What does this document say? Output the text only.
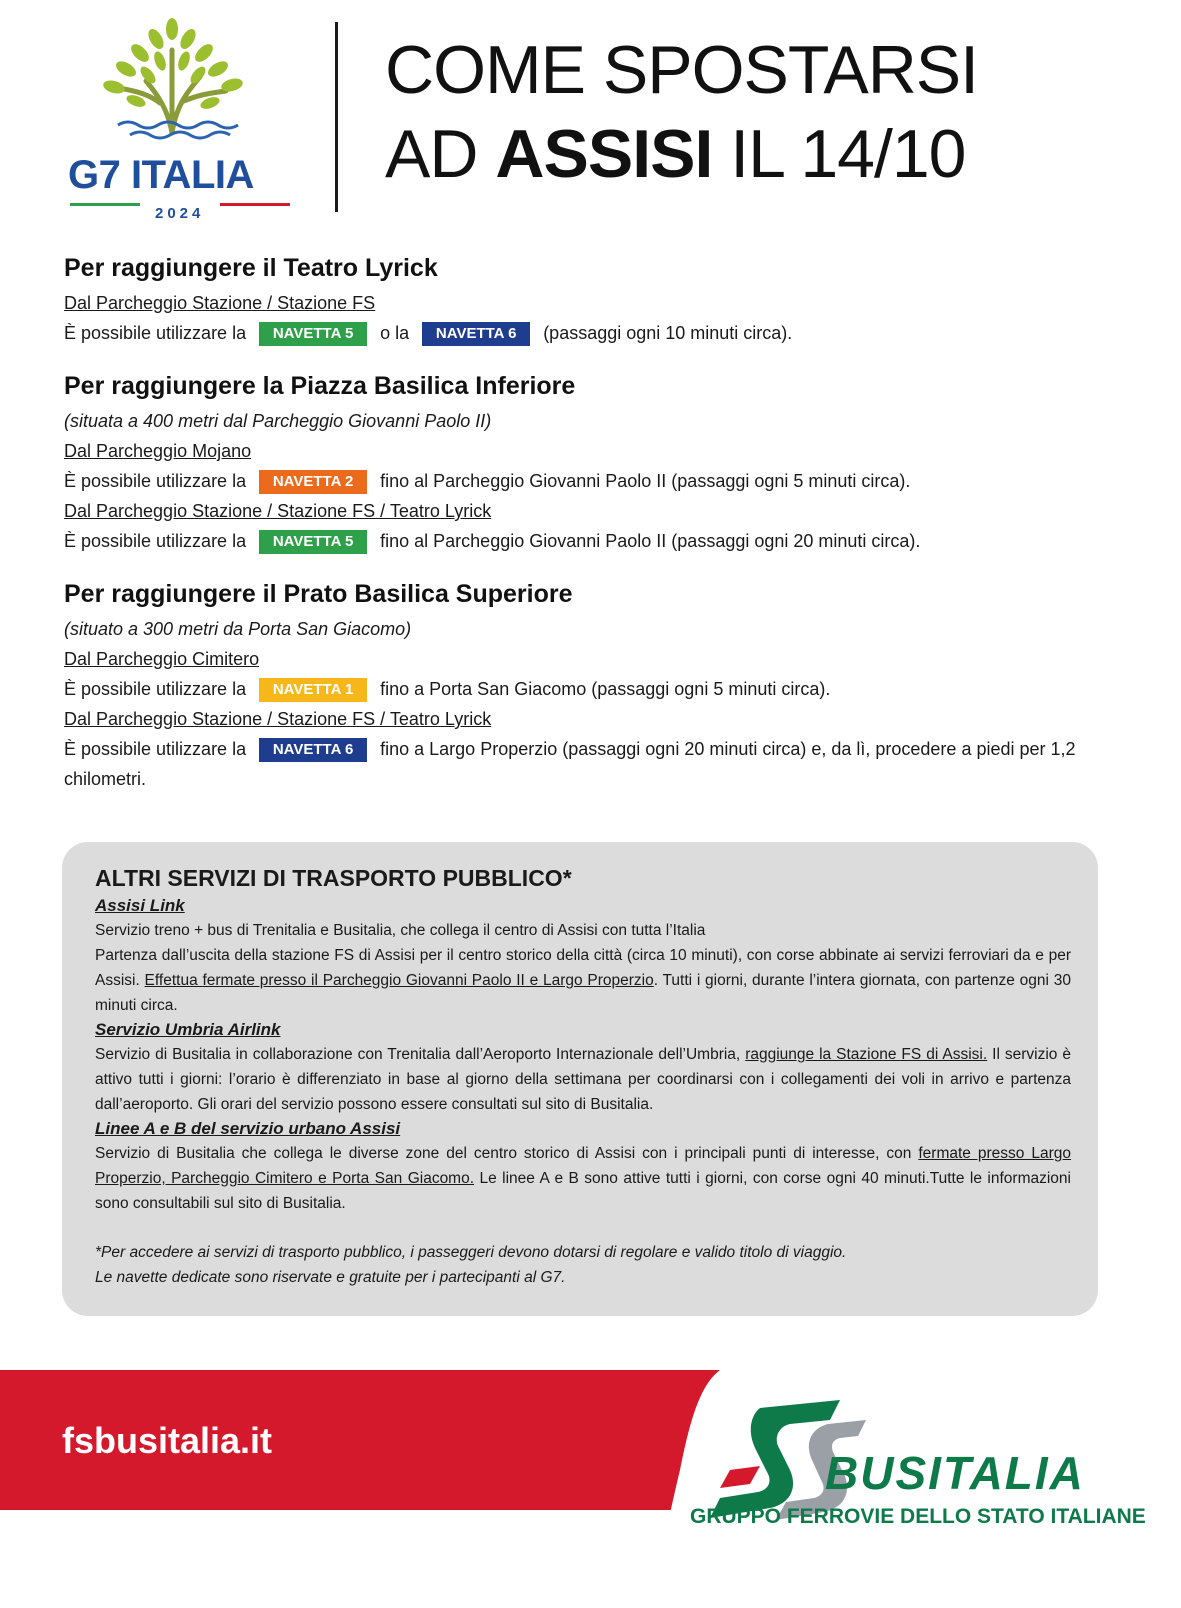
G7 ITALIA
2024
COME SPOSTARSI
AD ASSISI IL 14/10
Per raggiungere il Teatro Lyrick
Dal Parcheggio Stazione / Stazione FS
È possibile utilizzare la NAVETTA 5 o la NAVETTA 6 (passaggi ogni 10 minuti circa).
Per raggiungere la Piazza Basilica Inferiore
(situata a 400 metri dal Parcheggio Giovanni Paolo II)
Dal Parcheggio Mojano
È possibile utilizzare la NAVETTA 2 fino al Parcheggio Giovanni Paolo II (passaggi ogni 5 minuti circa).
Dal Parcheggio Stazione / Stazione FS / Teatro Lyrick
È possibile utilizzare la NAVETTA 5 fino al Parcheggio Giovanni Paolo II (passaggi ogni 20 minuti circa).
Per raggiungere il Prato Basilica Superiore
(situato a 300 metri da Porta San Giacomo)
Dal Parcheggio Cimitero
È possibile utilizzare la NAVETTA 1 fino a Porta San Giacomo (passaggi ogni 5 minuti circa).
Dal Parcheggio Stazione / Stazione FS / Teatro Lyrick
È possibile utilizzare la NAVETTA 6 fino a Largo Properzio (passaggi ogni 20 minuti circa) e, da lì, procedere a piedi per 1,2 chilometri.
ALTRI SERVIZI DI TRASPORTO PUBBLICO*

Assisi Link

Servizio treno + bus di Trenitalia e Busitalia, che collega il centro di Assisi con tutta l’Italia

Partenza dall’uscita della stazione FS di Assisi per il centro storico della città (circa 10 minuti), con corse abbinate ai servizi ferroviari da e per Assisi. Effettua fermate presso il Parcheggio Giovanni Paolo II e Largo Properzio. Tutti i giorni, durante l’intera giornata, con partenze ogni 30 minuti circa.

Servizio Umbria Airlink

Servizio di Busitalia in collaborazione con Trenitalia dall’Aeroporto Internazionale dell’Umbria, raggiunge la Stazione FS di Assisi. Il servizio è attivo tutti i giorni: l’orario è differenziato in base al giorno della settimana per coordinarsi con i collegamenti dei voli in arrivo e partenza dall’aeroporto. Gli orari del servizio possono essere consultati sul sito di Busitalia.

Linee A e B del servizio urbano Assisi

Servizio di Busitalia che collega le diverse zone del centro storico di Assisi con i principali punti di interesse, con fermate presso Largo Properzio, Parcheggio Cimitero e Porta San Giacomo. Le linee A e B sono attive tutti i giorni, con corse ogni 40 minuti.Tutte le informazioni sono consultabili sul sito di Busitalia.

*Per accedere ai servizi di trasporto pubblico, i passeggeri devono dotarsi di regolare e valido titolo di viaggio.
Le navette dedicate sono riservate e gratuite per i partecipanti al G7.
fsbusitalia.it
BUSITALIA
GRUPPO FERROVIE DELLO STATO ITALIANE
